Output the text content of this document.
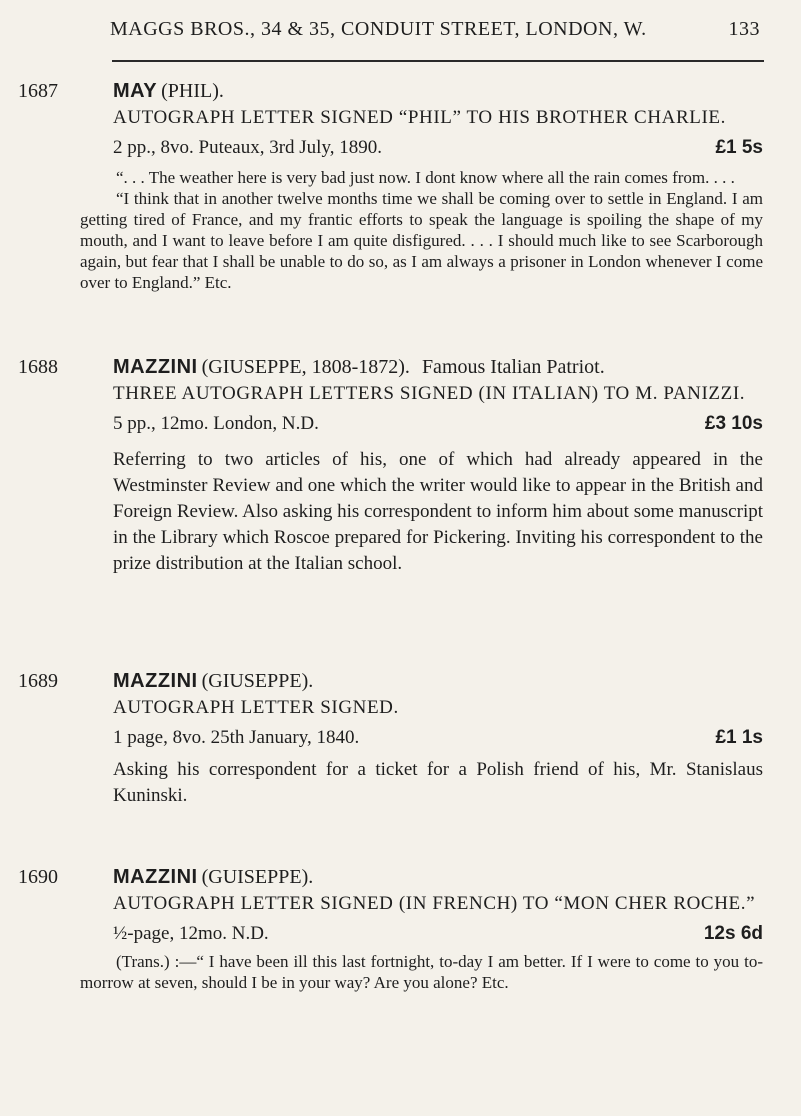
MAGGS BROS., 34 & 35, CONDUIT STREET, LONDON, W.	133
1687	MAY (PHIL).
AUTOGRAPH LETTER SIGNED “PHIL” TO HIS BROTHER CHARLIE.
2 pp., 8vo. Puteaux, 3rd July, 1890.	£1 5s
“. . . The weather here is very bad just now. I dont know where all the rain comes from. . . .
“I think that in another twelve months time we shall be coming over to settle in England. I am getting tired of France, and my frantic efforts to speak the language is spoiling the shape of my mouth, and I want to leave before I am quite disfigured. . . . I should much like to see Scarborough again, but fear that I shall be unable to do so, as I am always a prisoner in London whenever I come over to England.” Etc.
1688	MAZZINI (GIUSEPPE, 1808-1872). Famous Italian Patriot.
THREE AUTOGRAPH LETTERS SIGNED (IN ITALIAN) TO M. PANIZZI.
5 pp., 12mo. London, N.D.	£3 10s
Referring to two articles of his, one of which had already appeared in the Westminster Review and one which the writer would like to appear in the British and Foreign Review. Also asking his correspondent to inform him about some manuscript in the Library which Roscoe prepared for Pickering. Inviting his correspondent to the prize distribution at the Italian school.
1689	MAZZINI (GIUSEPPE).
AUTOGRAPH LETTER SIGNED.
1 page, 8vo. 25th January, 1840.	£1 1s
Asking his correspondent for a ticket for a Polish friend of his, Mr. Stanislaus Kuninski.
1690	MAZZINI (GUISEPPE).
AUTOGRAPH LETTER SIGNED (IN FRENCH) TO “MON CHER ROCHE.”
½-page, 12mo. N.D.	12s 6d
(Trans.) :—“ I have been ill this last fortnight, to-day I am better. If I were to come to you to-morrow at seven, should I be in your way? Are you alone? Etc.
